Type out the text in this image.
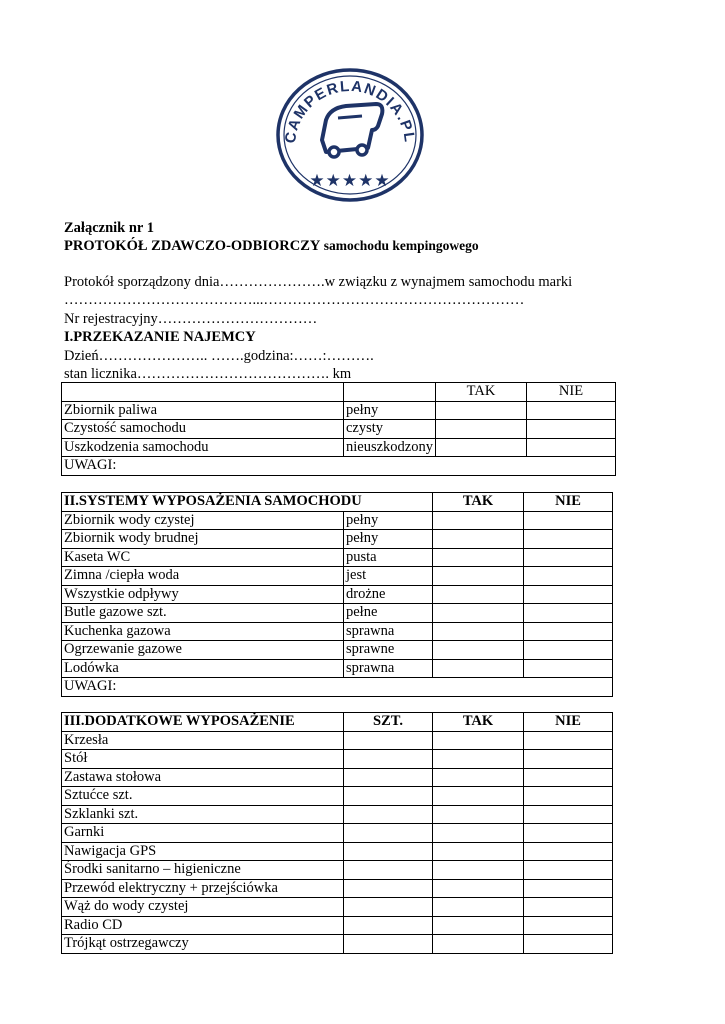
CAMPERLANDIA.PL
★★★★★
Załącznik nr 1
PROTOKÓŁ ZDAWCZO-ODBIORCZY samochodu kempingowego
Protokół sporządzony dnia………………….w związku z wynajmem samochodu marki
…………………………………...………………………………………………
Nr rejestracyjny……………………………
I.PRZEKAZANIE NAJEMCY
Dzień………………….. …….godzina:……:……….
stan licznika…………………………………. km
		TAK	NIE
Zbiornik paliwa	pełny		
Czystość samochodu	czysty		
Uszkodzenia samochodu	nieuszkodzony		
UWAGI:			
II.SYSTEMY WYPOSAŻENIA SAMOCHODU		TAK	NIE
Zbiornik wody czystej	pełny		
Zbiornik wody brudnej	pełny		
Kaseta WC	pusta		
Zimna /ciepła woda	jest		
Wszystkie odpływy	drożne		
Butle gazowe szt.	pełne		
Kuchenka gazowa	sprawna		
Ogrzewanie gazowe	sprawne		
Lodówka	sprawna		
UWAGI:			
III.DODATKOWE WYPOSAŻENIE	SZT.	TAK	NIE
Krzesła			
Stół			
Zastawa stołowa			
Sztućce szt.			
Szklanki szt.			
Garnki			
Nawigacja GPS			
Środki sanitarno – higieniczne			
Przewód elektryczny + przejściówka			
Wąż do wody czystej			
Radio CD			
Trójkąt ostrzegawczy			
